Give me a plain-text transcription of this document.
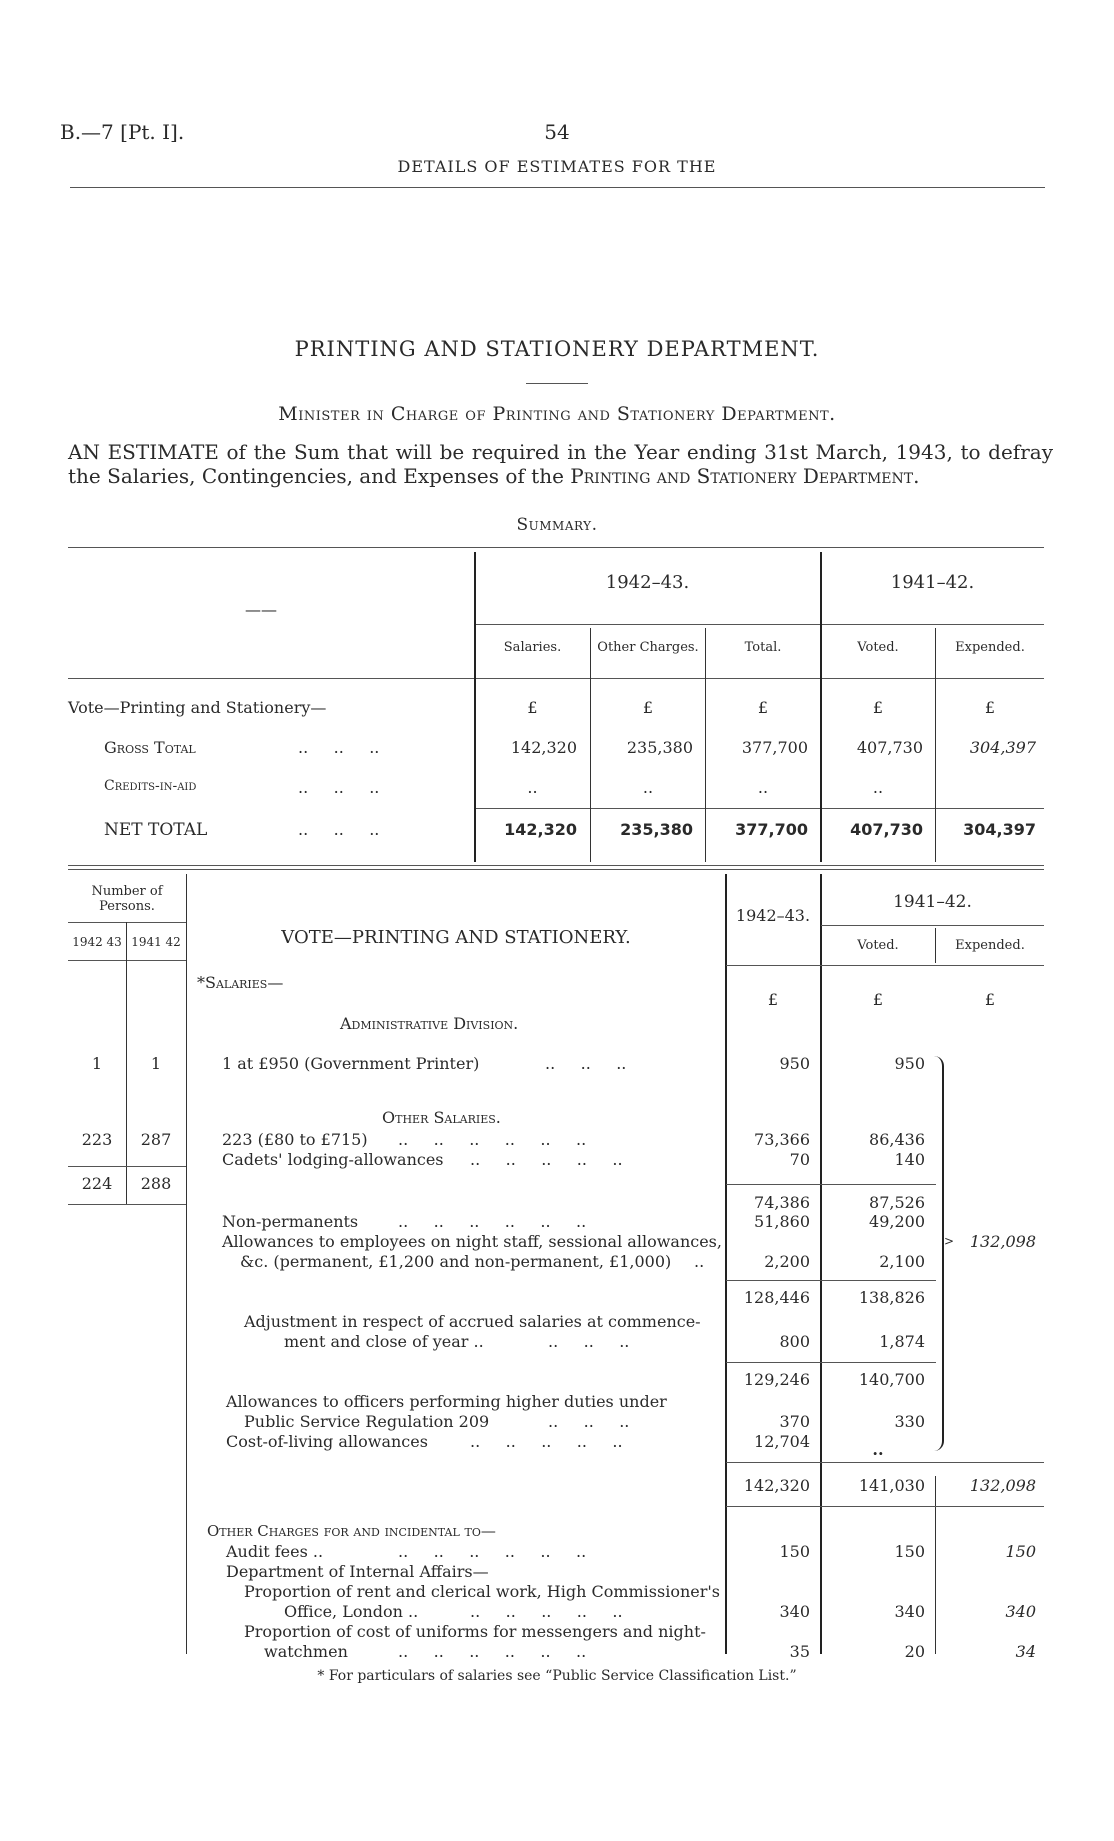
B.—7 [Pt. I].	54
DETAILS OF ESTIMATES FOR THE
PRINTING AND STATIONERY DEPARTMENT.
Minister in Charge of Printing and Stationery Department.
AN ESTIMATE of the Sum that will be required in the Year ending 31st March, 1943, to defray the Salaries, Contingencies, and Expenses of the Printing and Stationery Department.
Summary.
——
1942–43.	1941–42.
Salaries.	Other Charges.	Total.	Voted.	Expended.
Vote—Printing and Stationery—	£	£	£	£	£
Gross Total	..     ..     ..	142,320	235,380	377,700	407,730	304,397
Credits-in-aid	..     ..     ..	..	..	..	..
NET TOTAL	..     ..     ..	142,320	235,380	377,700	407,730	304,397
Number of Persons.
1942 43 1941 42	VOTE—PRINTING AND STATIONERY.
1942–43.
1941–42.
Voted.	Expended.
*Salaries—
£	£	£
Administrative Division.
1	1	1 at £950 (Government Printer)	..     ..     ..	950	950
Other Salaries.
223	287	223 (£80 to £715) ..     ..     ..     ..     ..     ..	73,366	86,436
Cadets' lodging-allowances ..     ..     ..     ..     ..	70	140
224	288
74,386	87,526
Non-permanents ..     ..     ..     ..     ..     ..	51,860	49,200
Allowances to employees on night staff, sessional allowances,
&c. (permanent, £1,200 and non-permanent, £1,000) ..	2,200	2,100
> 132,098
128,446	138,826
Adjustment in respect of accrued salaries at commence-
ment and close of year ..	..     ..     ..	800	1,874
129,246	140,700
Allowances to officers performing higher duties under
Public Service Regulation 209	..     ..     ..	370	330
Cost-of-living allowances	..     ..     ..     ..     ..	12,704	..
142,320	141,030	132,098
Other Charges for and incidental to—
Audit fees ..	..     ..     ..     ..     ..     ..	150	150	150
Department of Internal Affairs—
Proportion of rent and clerical work, High Commissioner's
Office, London ..	..     ..     ..     ..     ..	340	340	340
Proportion of cost of uniforms for messengers and night-
watchmen	..     ..     ..     ..     ..     ..	35	20	34
* For particulars of salaries see “Public Service Classification List.”
